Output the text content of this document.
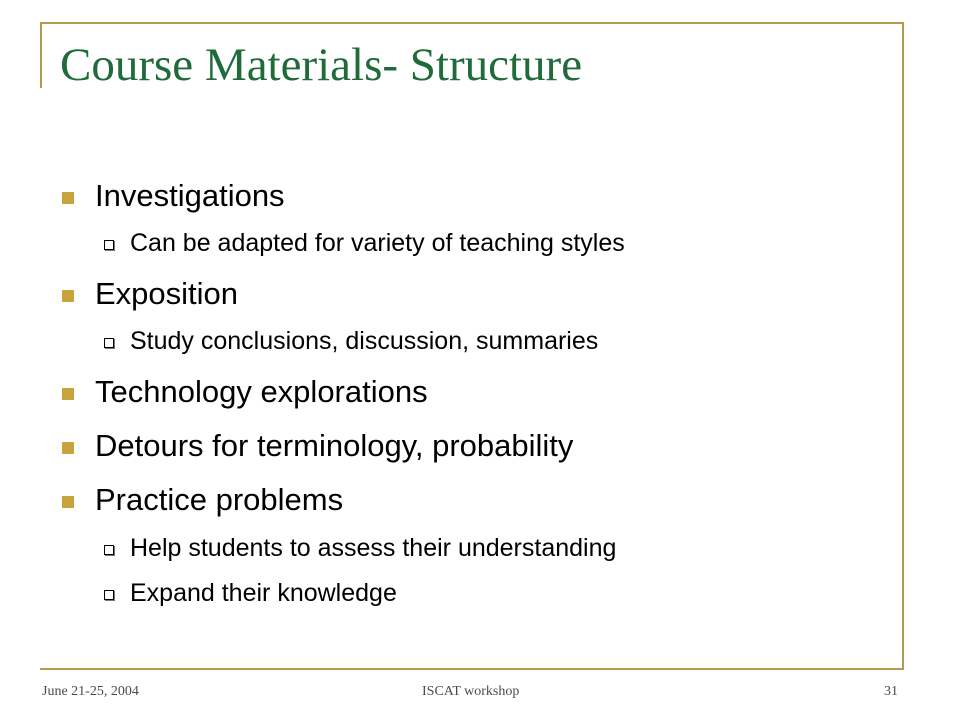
Course Materials- Structure
Investigations
Can be adapted for variety of teaching styles
Exposition
Study conclusions, discussion, summaries
Technology explorations
Detours for terminology, probability
Practice problems
Help students to assess their understanding
Expand their knowledge
June 21-25, 2004	ISCAT workshop	31
